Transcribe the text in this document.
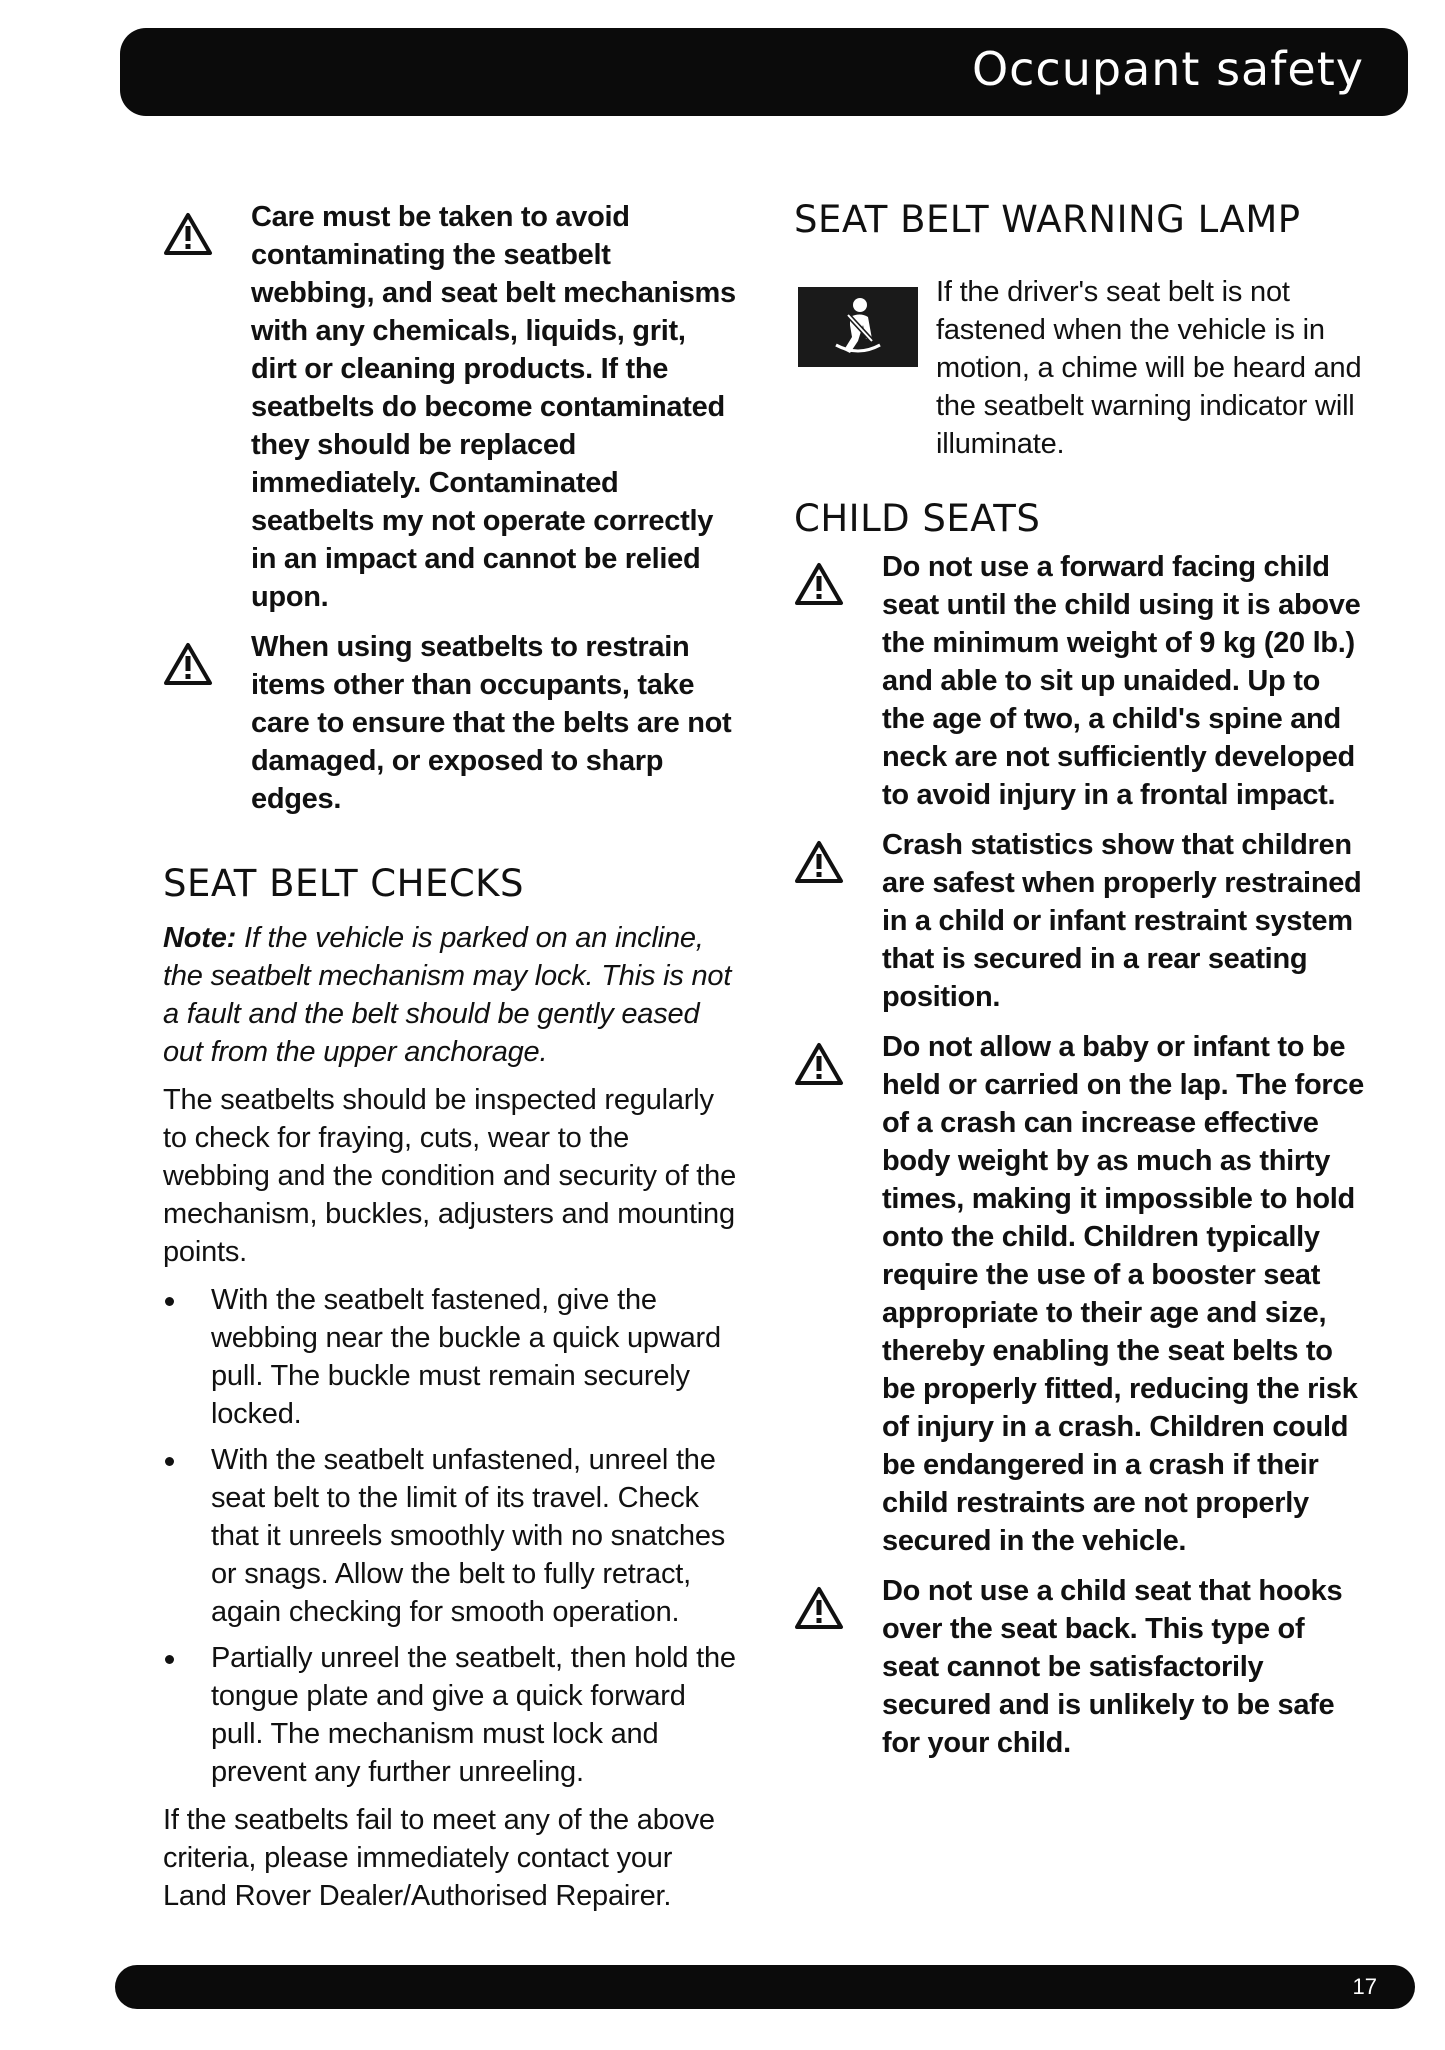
Occupant safety
Care must be taken to avoid contaminating the seatbelt webbing, and seat belt mechanisms with any chemicals, liquids, grit, dirt or cleaning products. If the seatbelts do become contaminated they should be replaced immediately. Contaminated seatbelts my not operate correctly in an impact and cannot be relied upon.
When using seatbelts to restrain items other than occupants, take care to ensure that the belts are not damaged, or exposed to sharp edges.
SEAT BELT CHECKS

Note: If the vehicle is parked on an incline, the seatbelt mechanism may lock. This is not a fault and the belt should be gently eased out from the upper anchorage.

The seatbelts should be inspected regularly to check for fraying, cuts, wear to the webbing and the condition and security of the mechanism, buckles, adjusters and mounting points.

With the seatbelt fastened, give the webbing near the buckle a quick upward pull. The buckle must remain securely locked.
With the seatbelt unfastened, unreel the seat belt to the limit of its travel. Check that it unreels smoothly with no snatches or snags. Allow the belt to fully retract, again checking for smooth operation.
Partially unreel the seatbelt, then hold the tongue plate and give a quick forward pull. The mechanism must lock and prevent any further unreeling.

If the seatbelts fail to meet any of the above criteria, please immediately contact your Land Rover Dealer/Authorised Repairer.

SEAT BELT WARNING LAMP
If the driver's seat belt is not fastened when the vehicle is in motion, a chime will be heard and the seatbelt warning indicator will illuminate.
CHILD SEATS
Do not use a forward facing child seat until the child using it is above the minimum weight of 9 kg (20 lb.) and able to sit up unaided. Up to the age of two, a child's spine and neck are not sufficiently developed to avoid injury in a frontal impact.
Crash statistics show that children are safest when properly restrained in a child or infant restraint system that is secured in a rear seating position.
Do not allow a baby or infant to be held or carried on the lap. The force of a crash can increase effective body weight by as much as thirty times, making it impossible to hold onto the child. Children typically require the use of a booster seat appropriate to their age and size, thereby enabling the seat belts to be properly fitted, reducing the risk of injury in a crash. Children could be endangered in a crash if their child restraints are not properly secured in the vehicle.
Do not use a child seat that hooks over the seat back. This type of seat cannot be satisfactorily secured and is unlikely to be safe for your child.
17
